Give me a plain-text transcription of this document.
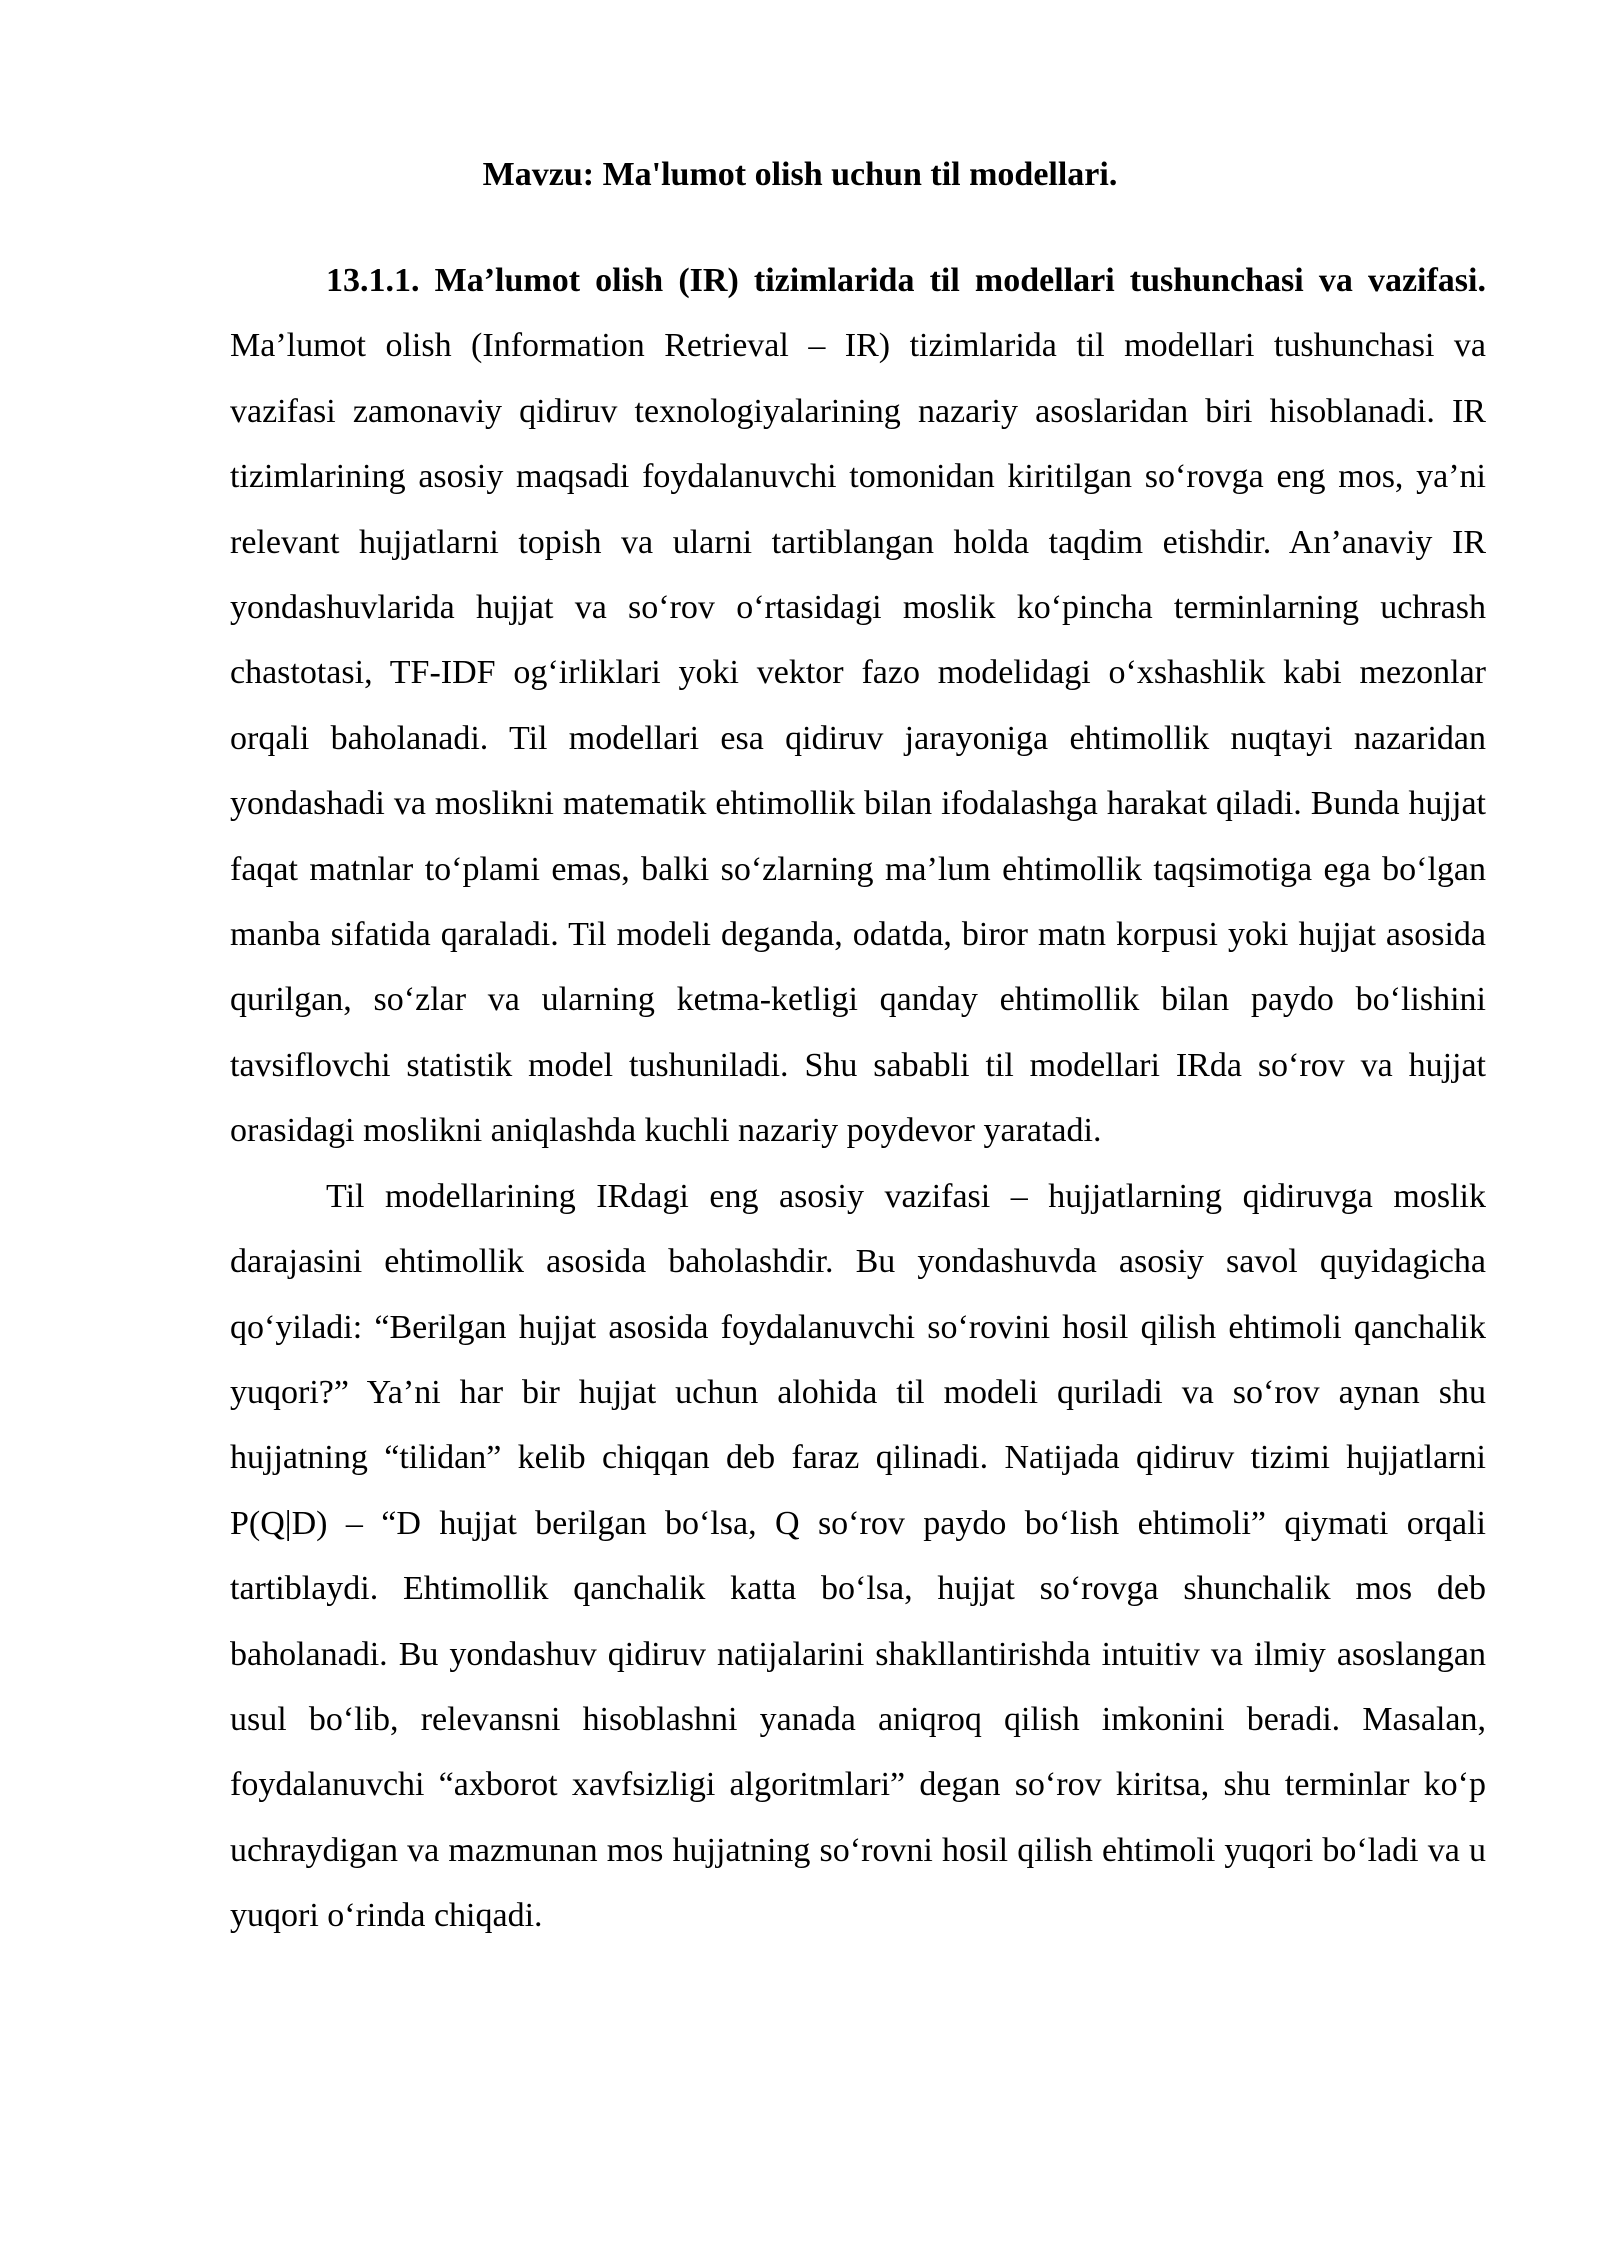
Mavzu: Ma'lumot olish uchun til modellari.

13.1.1. Ma’lumot olish (IR) tizimlarida til modellari tushunchasi va vazifasi. Ma’lumot olish (Information Retrieval – IR) tizimlarida til modellari tushunchasi va vazifasi zamonaviy qidiruv texnologiyalarining nazariy asoslaridan biri hisoblanadi. IR tizimlarining asosiy maqsadi foydalanuvchi tomonidan kiritilgan so‘rovga eng mos, ya’ni relevant hujjatlarni topish va ularni tartiblangan holda taqdim etishdir. An’anaviy IR yondashuvlarida hujjat va so‘rov o‘rtasidagi moslik ko‘pincha terminlarning uchrash chastotasi, TF-IDF og‘irliklari yoki vektor fazo modelidagi o‘xshashlik kabi mezonlar orqali baholanadi. Til modellari esa qidiruv jarayoniga ehtimollik nuqtayi nazaridan yondashadi va moslikni matematik ehtimollik bilan ifodalashga harakat qiladi. Bunda hujjat faqat matnlar to‘plami emas, balki so‘zlarning ma’lum ehtimollik taqsimotiga ega bo‘lgan manba sifatida qaraladi. Til modeli deganda, odatda, biror matn korpusi yoki hujjat asosida qurilgan, so‘zlar va ularning ketma-ketligi qanday ehtimollik bilan paydo bo‘lishini tavsiflovchi statistik model tushuniladi. Shu sababli til modellari IRda so‘rov va hujjat orasidagi moslikni aniqlashda kuchli nazariy poydevor yaratadi.

Til modellarining IRdagi eng asosiy vazifasi – hujjatlarning qidiruvga moslik darajasini ehtimollik asosida baholashdir. Bu yondashuvda asosiy savol quyidagicha qo‘yiladi: “Berilgan hujjat asosida foydalanuvchi so‘rovini hosil qilish ehtimoli qanchalik yuqori?” Ya’ni har bir hujjat uchun alohida til modeli quriladi va so‘rov aynan shu hujjatning “tilidan” kelib chiqqan deb faraz qilinadi. Natijada qidiruv tizimi hujjatlarni P(Q|D) – “D hujjat berilgan bo‘lsa, Q so‘rov paydo bo‘lish ehtimoli” qiymati orqali tartiblaydi. Ehtimollik qanchalik katta bo‘lsa, hujjat so‘rovga shunchalik mos deb baholanadi. Bu yondashuv qidiruv natijalarini shakllantirishda intuitiv va ilmiy asoslangan usul bo‘lib, relevansni hisoblashni yanada aniqroq qilish imkonini beradi. Masalan, foydalanuvchi “axborot xavfsizligi algoritmlari” degan so‘rov kiritsa, shu terminlar ko‘p uchraydigan va mazmunan mos hujjatning so‘rovni hosil qilish ehtimoli yuqori bo‘ladi va u yuqori o‘rinda chiqadi.
